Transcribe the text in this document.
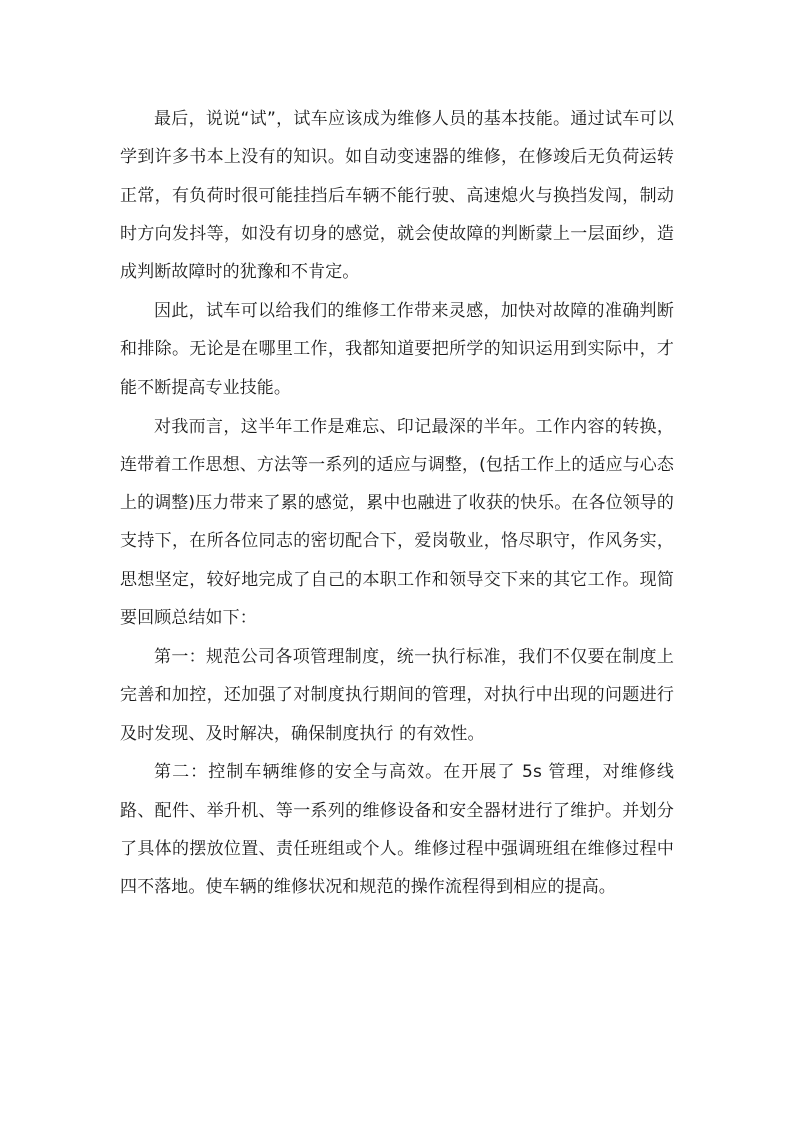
最后，说说“试”，试车应该成为维修人员的基本技能。通过试车可以学到许多书本上没有的知识。如自动变速器的维修，在修竣后无负荷运转正常，有负荷时很可能挂挡后车辆不能行驶、高速熄火与换挡发闯，制动时方向发抖等，如没有切身的感觉，就会使故障的判断蒙上一层面纱，造成判断故障时的犹豫和不肯定。

因此，试车可以给我们的维修工作带来灵感，加快对故障的准确判断和排除。无论是在哪里工作，我都知道要把所学的知识运用到实际中，才能不断提高专业技能。

对我而言，这半年工作是难忘、印记最深的半年。工作内容的转换，连带着工作思想、方法等一系列的适应与调整，(包括工作上的适应与心态上的调整)压力带来了累的感觉，累中也融进了收获的快乐。在各位领导的支持下，在所各位同志的密切配合下，爱岗敬业，恪尽职守，作风务实，思想坚定，较好地完成了自己的本职工作和领导交下来的其它工作。现简要回顾总结如下：

第一：规范公司各项管理制度，统一执行标准，我们不仅要在制度上完善和加控，还加强了对制度执行期间的管理，对执行中出现的问题进行及时发现、及时解决，确保制度执行 的有效性。

第二：控制车辆维修的安全与高效。在开展了 5s 管理，对维修线路、配件、举升机、等一系列的维修设备和安全器材进行了维护。并划分了具体的摆放位置、责任班组或个人。维修过程中强调班组在维修过程中四不落地。使车辆的维修状况和规范的操作流程得到相应的提高。
